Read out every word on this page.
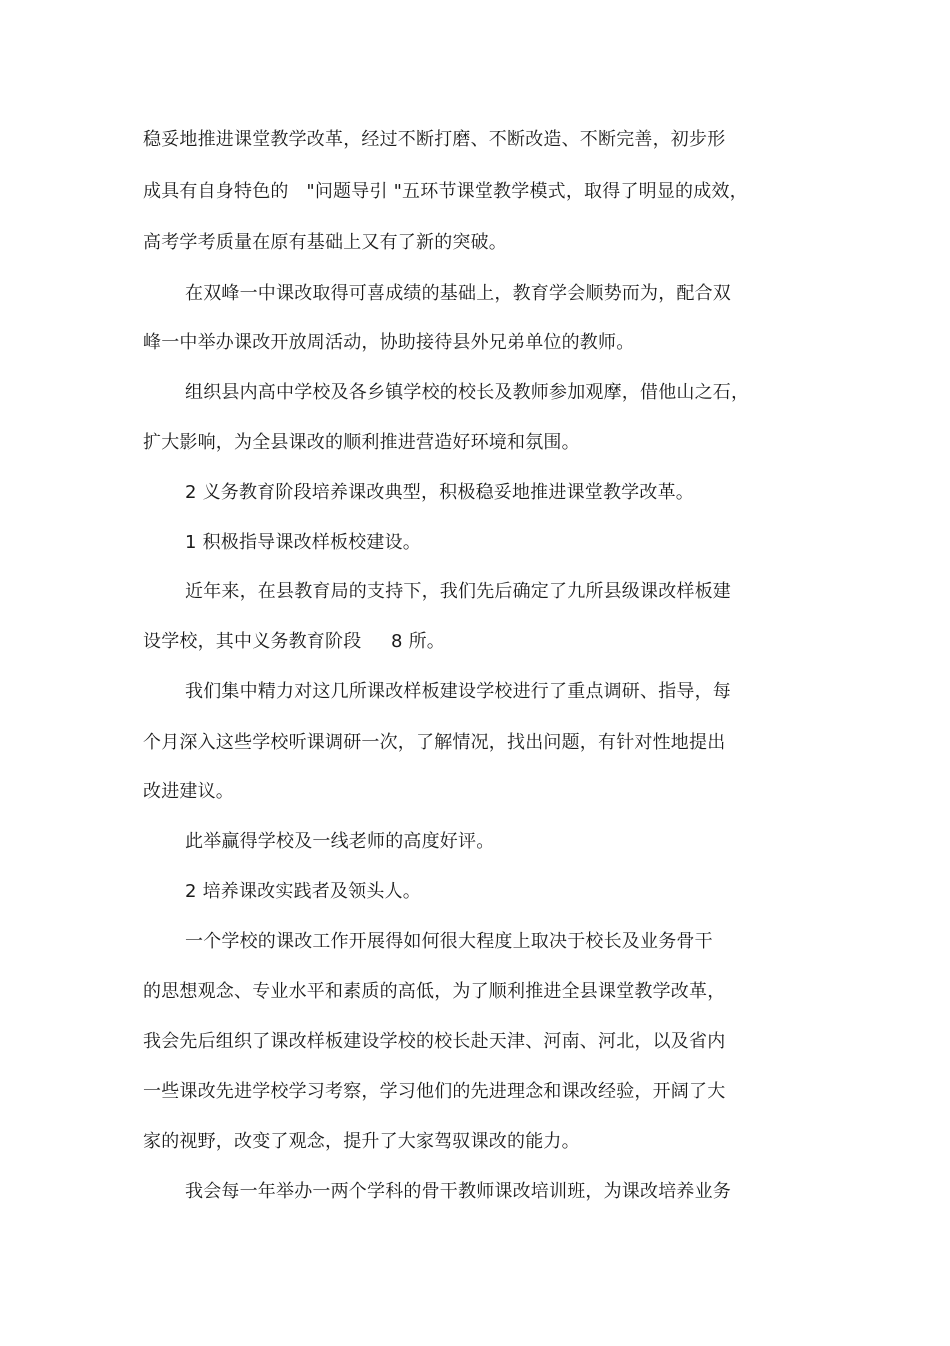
稳妥地推进课堂教学改革，经过不断打磨、不断改造、不断完善，初步形
成具有自身特色的   "问题导引 "五环节课堂教学模式，取得了明显的成效，
高考学考质量在原有基础上又有了新的突破。
在双峰一中课改取得可喜成绩的基础上，教育学会顺势而为，配合双
峰一中举办课改开放周活动，协助接待县外兄弟单位的教师。
组织县内高中学校及各乡镇学校的校长及教师参加观摩，借他山之石，
扩大影响，为全县课改的顺利推进营造好环境和氛围。
2 义务教育阶段培养课改典型，积极稳妥地推进课堂教学改革。
1 积极指导课改样板校建设。
近年来，在县教育局的支持下，我们先后确定了九所县级课改样板建
设学校，其中义务教育阶段     8 所。
我们集中精力对这几所课改样板建设学校进行了重点调研、指导，每
个月深入这些学校听课调研一次，了解情况，找出问题，有针对性地提出
改进建议。
此举赢得学校及一线老师的高度好评。
2 培养课改实践者及领头人。
一个学校的课改工作开展得如何很大程度上取决于校长及业务骨干
的思想观念、专业水平和素质的高低，为了顺利推进全县课堂教学改革，
我会先后组织了课改样板建设学校的校长赴天津、河南、河北，以及省内
一些课改先进学校学习考察，学习他们的先进理念和课改经验，开阔了大
家的视野，改变了观念，提升了大家驾驭课改的能力。
我会每一年举办一两个学科的骨干教师课改培训班，为课改培养业务
